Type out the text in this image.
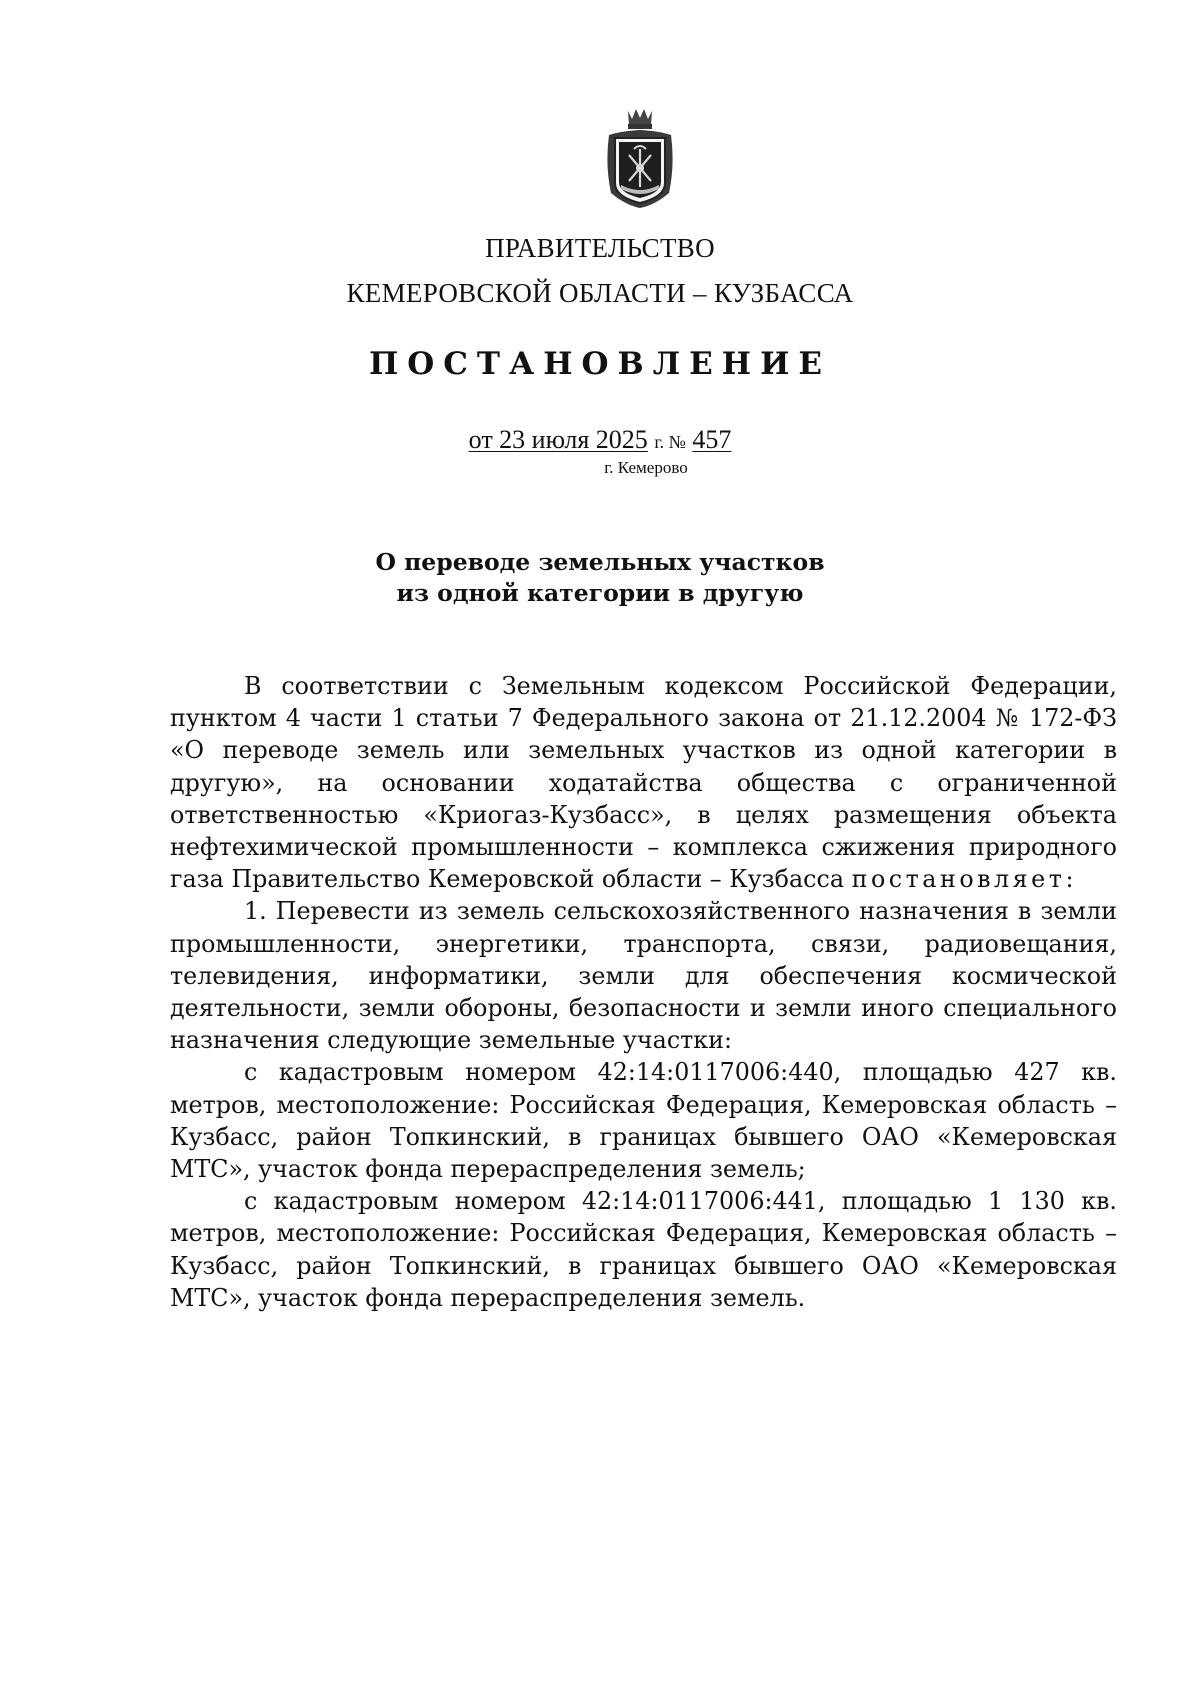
ПРАВИТЕЛЬСТВО
КЕМЕРОВСКОЙ ОБЛАСТИ – КУЗБАССА
ПОСТАНОВЛЕНИЕ
от 23 июля 2025 г. № 457
г. Кемерово
О переводе земельных участков
из одной категории в другую

В соответствии с Земельным кодексом Российской Федерации, пунктом 4 части 1 статьи 7 Федерального закона от 21.12.2004 № 172-ФЗ «О переводе земель или земельных участков из одной категории в другую», на основании ходатайства общества с ограниченной ответственностью «Криогаз-Кузбасс», в целях размещения объекта нефтехимической промышленности – комплекса сжижения природного газа Правительство Кемеровской области – Кузбасса постановляет:

1. Перевести из земель сельскохозяйственного назначения в земли промышленности, энергетики, транспорта, связи, радиовещания, телевидения, информатики, земли для обеспечения космической деятельности, земли обороны, безопасности и земли иного специального назначения следующие земельные участки:

с кадастровым номером 42:14:0117006:440, площадью 427 кв. метров, местоположение: Российская Федерация, Кемеровская область – Кузбасс, район Топкинский, в границах бывшего ОАО «Кемеровская МТС», участок фонда перераспределения земель;

с кадастровым номером 42:14:0117006:441, площадью 1 130 кв. метров, местоположение: Российская Федерация, Кемеровская область – Кузбасс, район Топкинский, в границах бывшего ОАО «Кемеровская МТС», участок фонда перераспределения земель.
